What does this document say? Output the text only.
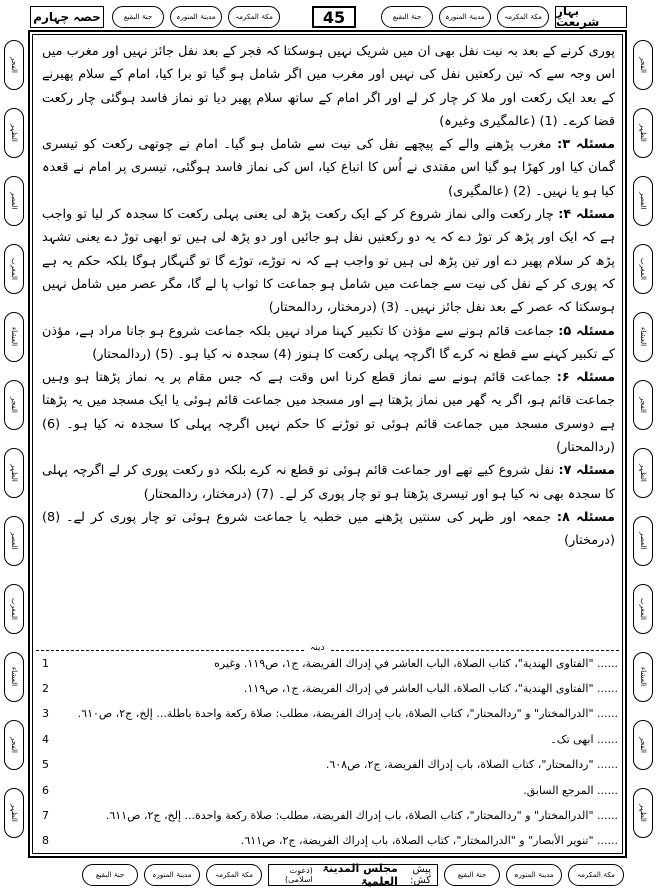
بہارِ شریعت
مکۃ المکرمہ
مدینۃ المنورہ
جنۃ البقیع
45
مکۃ المکرمہ
مدینۃ المنورہ
جنۃ البقیع
حصہ چہارم
الفجر
الظہر
العصر
المغرب
العشاء
الفجر
الظہر
العصر
المغرب
العشاء
الفجر
الظہر
الفجر
الظہر
العصر
المغرب
العشاء
الفجر
الظہر
العصر
المغرب
العشاء
الفجر
الظہر

پوری کرنے کے بعد بہ نیت نفل بھی ان میں شریک نہیں ہوسکتا کہ فجر کے بعد نفل جائز نہیں اور مغرب میں اس وجہ سے کہ تین رکعتیں نفل کی نہیں اور مغرب میں اگر شامل ہو گیا تو برا کیا، امام کے سلام پھیرنے کے بعد ایک رکعت اور ملا کر چار کر لے اور اگر امام کے ساتھ سلام پھیر دیا تو نماز فاسد ہوگئی چار رکعت قضا کرے۔ (1) (عالمگیری وغیرہ)

مسئلہ ۳: مغرب پڑھنے والے کے پیچھے نفل کی نیت سے شامل ہو گیا۔ امام نے چوتھی رکعت کو تیسری گمان کیا اور کھڑا ہو گیا اس مقتدی نے اُس کا اتباع کیا، اس کی نماز فاسد ہوگئی، تیسری پر امام نے قعدہ کیا ہو یا نہیں۔ (2) (عالمگیری)

مسئلہ ۴: چار رکعت والی نماز شروع کر کے ایک رکعت پڑھ لی یعنی پہلی رکعت کا سجدہ کر لیا تو واجب ہے کہ ایک اور پڑھ کر توڑ دے کہ یہ دو رکعتیں نفل ہو جائیں اور دو پڑھ لی ہیں تو ابھی توڑ دے یعنی تشہد پڑھ کر سلام پھیر دے اور تین پڑھ لی ہیں تو واجب ہے کہ نہ توڑے، توڑے گا تو گنہگار ہوگا بلکہ حکم یہ ہے کہ پوری کر کے نفل کی نیت سے جماعت میں شامل ہو جماعت کا ثواب پا لے گا، مگر عصر میں شامل نہیں ہوسکتا کہ عصر کے بعد نفل جائز نہیں۔ (3) (درمختار، ردالمحتار)

مسئلہ ۵: جماعت قائم ہونے سے مؤذن کا تکبیر کہنا مراد نہیں بلکہ جماعت شروع ہو جانا مراد ہے، مؤذن کے تکبیر کہنے سے قطع نہ کرے گا اگرچہ پہلی رکعت کا ہنوز (4) سجدہ نہ کیا ہو۔ (5) (ردالمحتار)

مسئلہ ۶: جماعت قائم ہونے سے نماز قطع کرنا اس وقت ہے کہ جس مقام پر یہ نماز پڑھتا ہو وہیں جماعت قائم ہو، اگر یہ گھر میں نماز پڑھتا ہے اور مسجد میں جماعت قائم ہوئی یا ایک مسجد میں یہ پڑھتا ہے دوسری مسجد میں جماعت قائم ہوئی تو توڑنے کا حکم نہیں اگرچہ پہلی کا سجدہ نہ کیا ہو۔ (6) (ردالمحتار)

مسئلہ ۷: نفل شروع کیے تھے اور جماعت قائم ہوئی تو قطع نہ کرے بلکہ دو رکعت پوری کر لے اگرچہ پہلی کا سجدہ بھی نہ کیا ہو اور تیسری پڑھتا ہو تو چار پوری کر لے۔ (7) (درمختار، ردالمحتار)

مسئلہ ۸: جمعہ اور ظہر کی سنتیں پڑھنے میں خطبہ یا جماعت شروع ہوئی تو چار پوری کر لے۔ (8) (درمختار)

دینہ
1	...... "الفتاوی الهندية"، كتاب الصلاة، الباب العاشر في إدراك الفريضة، ج١، ص١١٩. وغيره
2	...... "الفتاوی الهندية"، كتاب الصلاة، الباب العاشر في إدراك الفريضة، ج١، ص١١٩.
3	...... "الدرالمختار" و "ردالمحتار"، كتاب الصلاة، باب إدراك الفريضة، مطلب: صلاة ركعة واحدة باطلة... إلخ، ج٢، ص٦١٠.
4	...... ابھی تک۔
5	...... "ردالمحتار"، كتاب الصلاة، باب إدراك الفريضة، ج٢، ص٦٠٨.
6	...... المرجع السابق.
7	...... "الدرالمختار" و "ردالمحتار"، كتاب الصلاة، باب إدراك الفريضة، مطلب: صلاة ركعة واحدة... إلخ، ج٢، ص٦١١.
8	...... "تنوير الأبصار" و "الدرالمختار"، كتاب الصلاة، باب إدراك الفريضة، ج٢، ص٦١١.
مکۃ المکرمہ
مدینۃ المنورہ
جنۃ البقیع
پیش کش:
مجلس المدینۃ العلمیۃ
(دعوت اسلامی)
مکۃ المکرمہ
مدینۃ المنورہ
جنۃ البقیع
